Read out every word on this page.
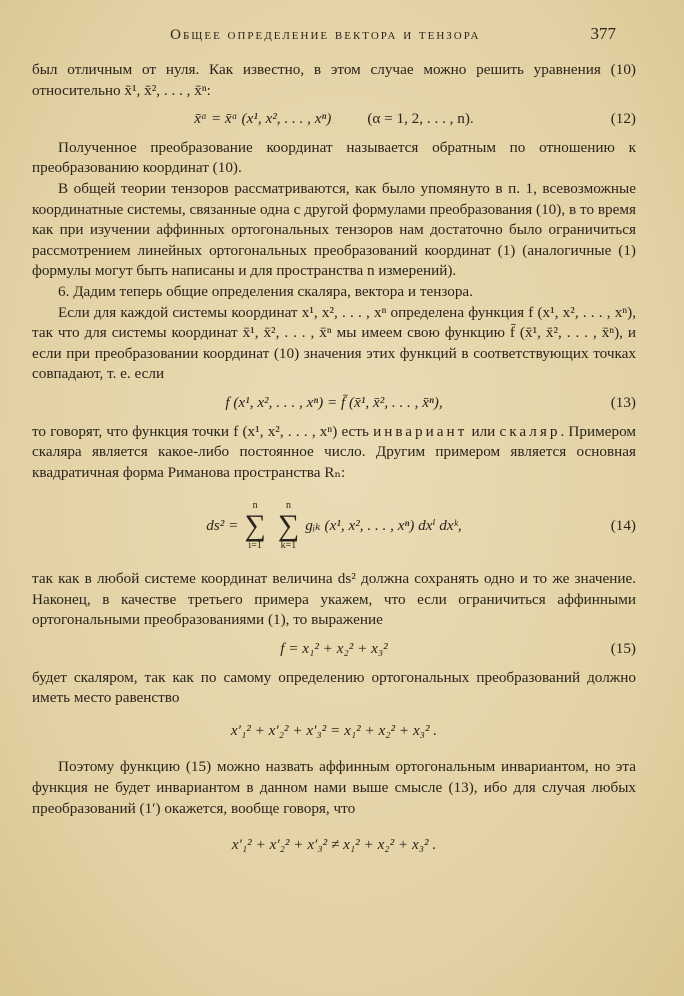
Общее определение вектора и тензора	377

был отличным от нуля. Как известно, в этом случае можно решить уравнения (10) относительно x̄¹, x̄², . . . , x̄ⁿ:

x̄ᵅ = x̄ᵅ (x¹, x², . . . , xⁿ) (α = 1, 2, . . . , n).	(12)

Полученное преобразование координат называется обратным по отношению к преобразованию координат (10).

В общей теории тензоров рассматриваются, как было упомянуто в п. 1, всевозможные координатные системы, связанные одна с другой формулами преобразования (10), в то время как при изучении аффинных ортогональных тензоров нам достаточно было ограничиться рассмотрением линейных ортогональных преобразований координат (1) (аналогичные (1) формулы могут быть написаны и для пространства n измерений).

6. Дадим теперь общие определения скаляра, вектора и тензора.

Если для каждой системы координат x¹, x², . . . , xⁿ определена функция f (x¹, x², . . . , xⁿ), так что для системы координат x̄¹, x̄², . . . , x̄ⁿ мы имеем свою функцию f̄ (x̄¹, x̄², . . . , x̄ⁿ), и если при преобразовании координат (10) значения этих функций в соответствующих точках совпадают, т. е. если

f (x¹, x², . . . , xⁿ) = f̄ (x̄¹, x̄², . . . , x̄ⁿ),	(13)

то говорят, что функция точки f (x¹, x², . . . , xⁿ) есть инвариант или скаляр. Примером скаляра является какое-либо постоянное число. Другим примером является основная квадратичная форма Риманова пространства Rₙ:

ds² =
n
∑
i=1
n
∑
k=1
gᵢₖ (x¹, x², . . . , xⁿ) dxⁱ dxᵏ,	(14)

так как в любой системе координат величина ds² должна сохранять одно и то же значение. Наконец, в качестве третьего примера укажем, что если ограничиться аффинными ортогональными преобразованиями (1), то выражение

f = x₁² + x₂² + x₃²	(15)

будет скаляром, так как по самому определению ортогональных преобразований должно иметь место равенство

x′₁² + x′₂² + x′₃² = x₁² + x₂² + x₃² .

Поэтому функцию (15) можно назвать аффинным ортогональным инвариантом, но эта функция не будет инвариантом в данном нами выше смысле (13), ибо для случая любых преобразований (1′) окажется, вообще говоря, что

x′₁² + x′₂² + x′₃² ≠ x₁² + x₂² + x₃² .
